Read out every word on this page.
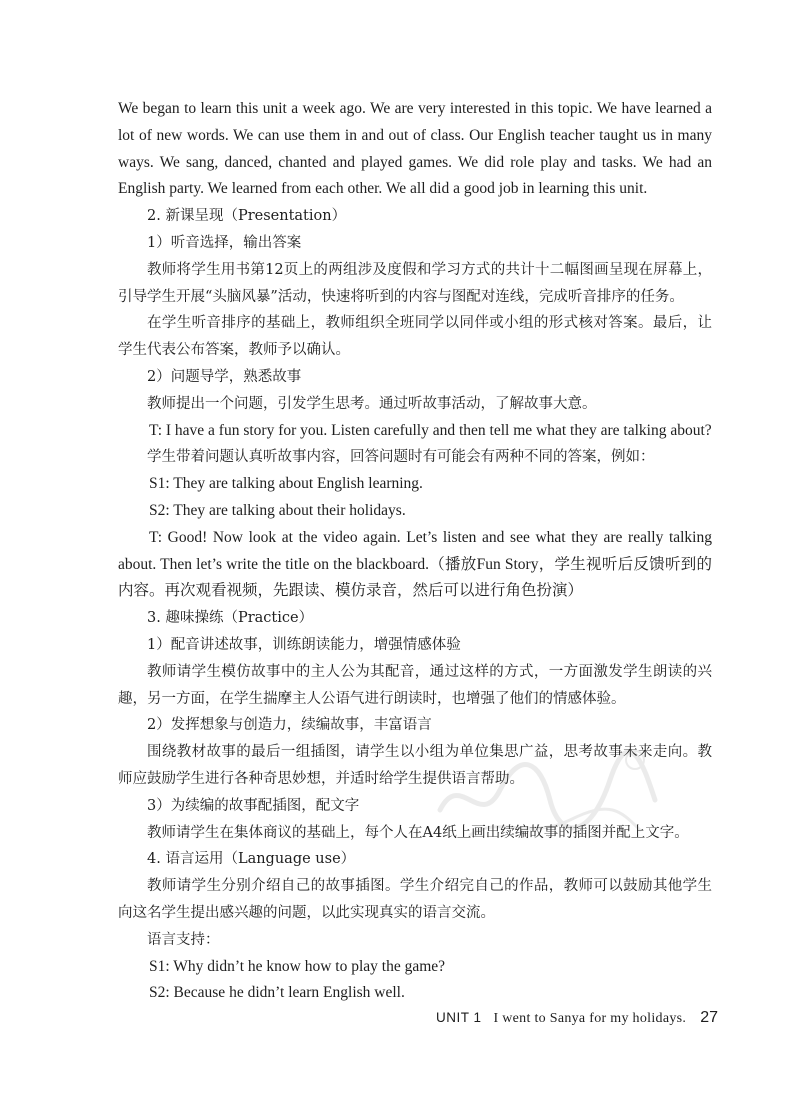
We began to learn this unit a week ago. We are very interested in this topic. We have learned a lot of new words. We can use them in and out of class. Our English teacher taught us in many ways. We sang, danced, chanted and played games. We did role play and tasks. We had an English party. We learned from each other. We all did a good job in learning this unit.

2. 新课呈现（Presentation）

1）听音选择，输出答案

教师将学生用书第12页上的两组涉及度假和学习方式的共计十二幅图画呈现在屏幕上，引导学生开展“头脑风暴”活动，快速将听到的内容与图配对连线，完成听音排序的任务。

在学生听音排序的基础上，教师组织全班同学以同伴或小组的形式核对答案。最后，让学生代表公布答案，教师予以确认。

2）问题导学，熟悉故事

教师提出一个问题，引发学生思考。通过听故事活动，了解故事大意。

T: I have a fun story for you. Listen carefully and then tell me what they are talking about?

学生带着问题认真听故事内容，回答问题时有可能会有两种不同的答案，例如：

S1: They are talking about English learning.

S2: They are talking about their holidays.

T: Good! Now look at the video again. Let’s listen and see what they are really talking about. Then let’s write the title on the blackboard.（播放Fun Story，学生视听后反馈听到的内容。再次观看视频，先跟读、模仿录音，然后可以进行角色扮演）

3. 趣味操练（Practice）

1）配音讲述故事，训练朗读能力，增强情感体验

教师请学生模仿故事中的主人公为其配音，通过这样的方式，一方面激发学生朗读的兴趣，另一方面，在学生揣摩主人公语气进行朗读时，也增强了他们的情感体验。

2）发挥想象与创造力，续编故事，丰富语言

围绕教材故事的最后一组插图，请学生以小组为单位集思广益，思考故事未来走向。教师应鼓励学生进行各种奇思妙想，并适时给学生提供语言帮助。

3）为续编的故事配插图，配文字

教师请学生在集体商议的基础上，每个人在A4纸上画出续编故事的插图并配上文字。

4. 语言运用（Language use）

教师请学生分别介绍自己的故事插图。学生介绍完自己的作品，教师可以鼓励其他学生向这名学生提出感兴趣的问题，以此实现真实的语言交流。

语言支持：

S1: Why didn’t he know how to play the game?

S2: Because he didn’t learn English well.

UNIT 1 I went to Sanya for my holidays. 27
